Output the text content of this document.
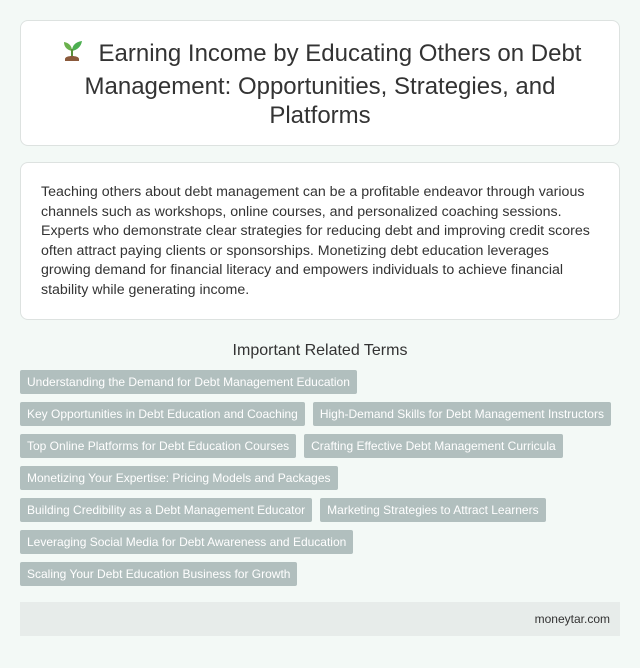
Earning Income by Educating Others on Debt Management: Opportunities, Strategies, and Platforms

Teaching others about debt management can be a profitable endeavor through various channels such as workshops, online courses, and personalized coaching sessions. Experts who demonstrate clear strategies for reducing debt and improving credit scores often attract paying clients or sponsorships. Monetizing debt education leverages growing demand for financial literacy and empowers individuals to achieve financial stability while generating income.

Important Related Terms
Understanding the Demand for Debt Management Education
Key Opportunities in Debt Education and Coaching	High-Demand Skills for Debt Management Instructors
Top Online Platforms for Debt Education Courses	Crafting Effective Debt Management Curricula
Monetizing Your Expertise: Pricing Models and Packages
Building Credibility as a Debt Management Educator	Marketing Strategies to Attract Learners
Leveraging Social Media for Debt Awareness and Education
Scaling Your Debt Education Business for Growth
moneytar.com
